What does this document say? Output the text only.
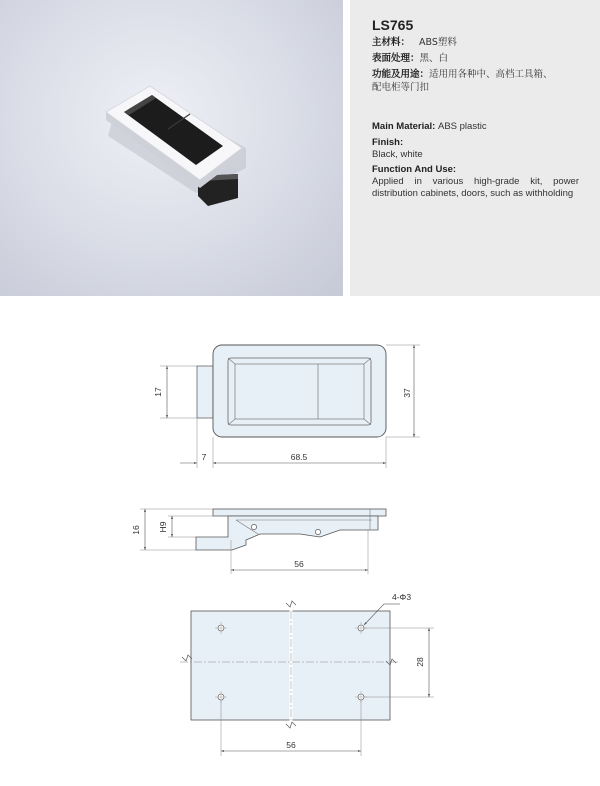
LS765
主材料： ABS塑料
表面处理：黑、白
功能及用途：适用用各种中、高档工具箱、
配电柜等门扣
Main Material: ABS plastic
Finish:
Black, white
Function And Use:
Applied in various high-grade kit, power distribution cabinets, doors, such as withholding
17	37
7	68.5
16 H9
56
4-Φ3
28
56
